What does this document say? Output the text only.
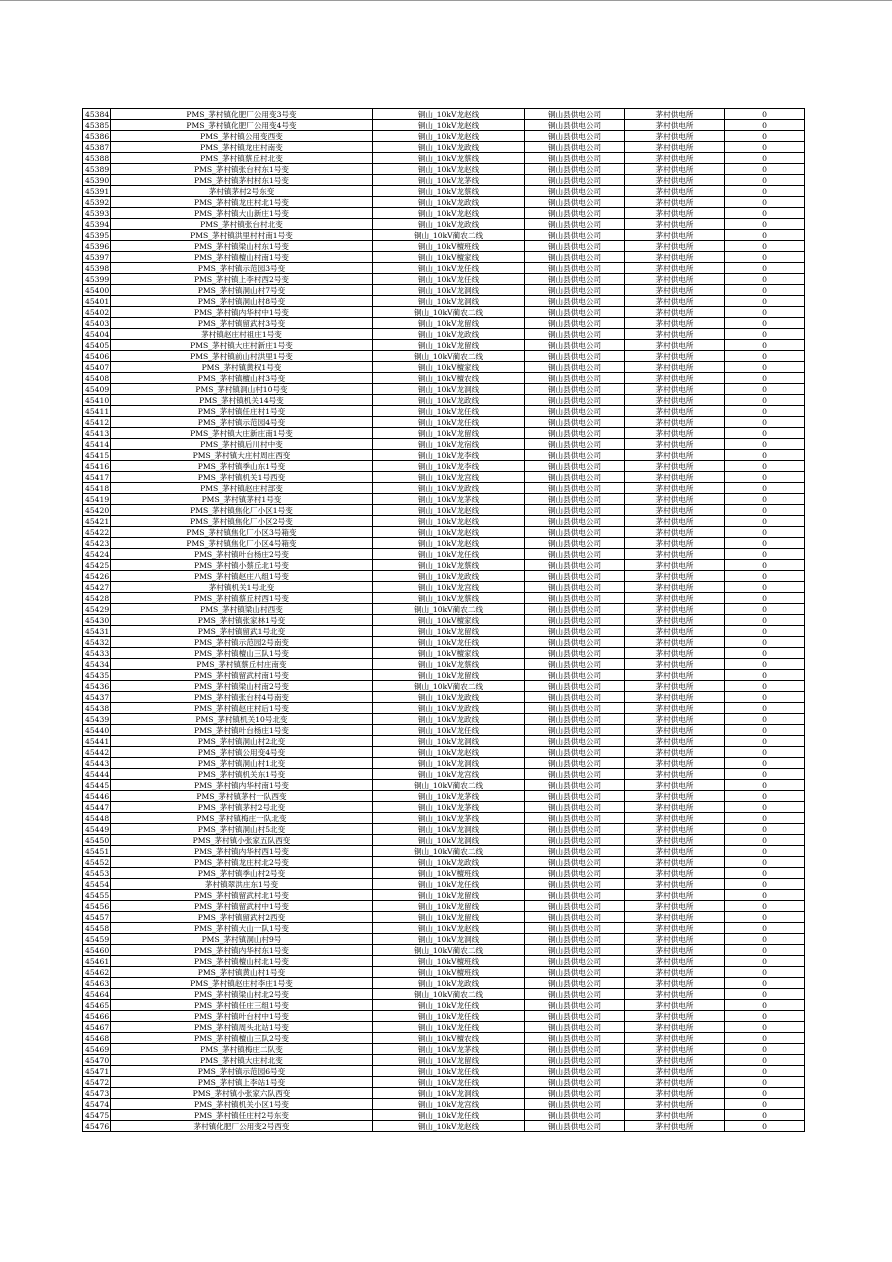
45384	PMS_茅村镇化肥厂公用变3号变	铜山_10kV龙赵线	铜山县供电公司	茅村供电所	0
45385	PMS_茅村镇化肥厂公用变4号变	铜山_10kV龙赵线	铜山县供电公司	茅村供电所	0
45386	PMS_茅村镇公用变西变	铜山_10kV龙赵线	铜山县供电公司	茅村供电所	0
45387	PMS_茅村镇龙庄村南变	铜山_10kV龙政线	铜山县供电公司	茅村供电所	0
45388	PMS_茅村镇蔡丘村北变	铜山_10kV龙蔡线	铜山县供电公司	茅村供电所	0
45389	PMS_茅村镇张台村东1号变	铜山_10kV龙赵线	铜山县供电公司	茅村供电所	0
45390	PMS_茅村镇茅村村东1号变	铜山_10kV龙茅线	铜山县供电公司	茅村供电所	0
45391	茅村镇茅村2号东变	铜山_10kV龙蔡线	铜山县供电公司	茅村供电所	0
45392	PMS_茅村镇龙庄村北1号变	铜山_10kV龙政线	铜山县供电公司	茅村供电所	0
45393	PMS_茅村镇大山新庄1号变	铜山_10kV龙赵线	铜山县供电公司	茅村供电所	0
45394	PMS_茅村镇张台村北变	铜山_10kV龙政线	铜山县供电公司	茅村供电所	0
45395	PMS_茅村镇洪里村村南1号变	铜山_10kV蔺农二线	铜山县供电公司	茅村供电所	0
45396	PMS_茅村镇梁山村东1号变	铜山_10kV檀班线	铜山县供电公司	茅村供电所	0
45397	PMS_茅村镇檀山村南1号变	铜山_10kV檀家线	铜山县供电公司	茅村供电所	0
45398	PMS_茅村镇示范园3号变	铜山_10kV龙任线	铜山县供电公司	茅村供电所	0
45399	PMS_茅村镇上李村西2号变	铜山_10kV龙任线	铜山县供电公司	茅村供电所	0
45400	PMS_茅村镇洞山村7号变	铜山_10kV龙洞线	铜山县供电公司	茅村供电所	0
45401	PMS_茅村镇洞山村8号变	铜山_10kV龙洞线	铜山县供电公司	茅村供电所	0
45402	PMS_茅村镇内华村中1号变	铜山_10kV蔺农二线	铜山县供电公司	茅村供电所	0
45403	PMS_茅村镇留武村3号变	铜山_10kV龙留线	铜山县供电公司	茅村供电所	0
45404	茅村镇赵庄村祖庄1号变	铜山_10kV龙政线	铜山县供电公司	茅村供电所	0
45405	PMS_茅村镇大庄村新庄1号变	铜山_10kV龙留线	铜山县供电公司	茅村供电所	0
45406	PMS_茅村镇前山村洪里1号变	铜山_10kV蔺农二线	铜山县供电公司	茅村供电所	0
45407	PMS_茅村镇黄权1号变	铜山_10kV檀家线	铜山县供电公司	茅村供电所	0
45408	PMS_茅村镇檀山村3号变	铜山_10kV檀农线	铜山县供电公司	茅村供电所	0
45409	PMS_茅村镇洞山村10号变	铜山_10kV龙洞线	铜山县供电公司	茅村供电所	0
45410	PMS_茅村镇机关14号变	铜山_10kV龙政线	铜山县供电公司	茅村供电所	0
45411	PMS_茅村镇任庄村1号变	铜山_10kV龙任线	铜山县供电公司	茅村供电所	0
45412	PMS_茅村镇示范园4号变	铜山_10kV龙任线	铜山县供电公司	茅村供电所	0
45413	PMS_茅村镇大庄新庄南1号变	铜山_10kV龙留线	铜山县供电公司	茅村供电所	0
45414	PMS_茅村镇后川村中变	铜山_10kV龙宿线	铜山县供电公司	茅村供电所	0
45415	PMS_茅村镇大庄村周庄西变	铜山_10kV龙李线	铜山县供电公司	茅村供电所	0
45416	PMS_茅村镇季山东1号变	铜山_10kV龙李线	铜山县供电公司	茅村供电所	0
45417	PMS_茅村镇机关1号西变	铜山_10kV龙宫线	铜山县供电公司	茅村供电所	0
45418	PMS_茅村镇赵庄村部变	铜山_10kV龙政线	铜山县供电公司	茅村供电所	0
45419	PMS_茅村镇茅村1号变	铜山_10kV龙茅线	铜山县供电公司	茅村供电所	0
45420	PMS_茅村镇焦化厂小区1号变	铜山_10kV龙赵线	铜山县供电公司	茅村供电所	0
45421	PMS_茅村镇焦化厂小区2号变	铜山_10kV龙赵线	铜山县供电公司	茅村供电所	0
45422	PMS_茅村镇焦化厂小区3号箱变	铜山_10kV龙赵线	铜山县供电公司	茅村供电所	0
45423	PMS_茅村镇焦化厂小区4号箱变	铜山_10kV龙赵线	铜山县供电公司	茅村供电所	0
45424	PMS_茅村镇叶台杨庄2号变	铜山_10kV龙任线	铜山县供电公司	茅村供电所	0
45425	PMS_茅村镇小蔡丘北1号变	铜山_10kV龙蔡线	铜山县供电公司	茅村供电所	0
45426	PMS_茅村镇赵庄八组1号变	铜山_10kV龙政线	铜山县供电公司	茅村供电所	0
45427	茅村镇机关1号北变	铜山_10kV龙宫线	铜山县供电公司	茅村供电所	0
45428	PMS_茅村镇蔡丘村西1号变	铜山_10kV龙蔡线	铜山县供电公司	茅村供电所	0
45429	PMS_茅村镇梁山村西变	铜山_10kV蔺农二线	铜山县供电公司	茅村供电所	0
45430	PMS_茅村镇张家林1号变	铜山_10kV檀家线	铜山县供电公司	茅村供电所	0
45431	PMS_茅村镇留武1号北变	铜山_10kV龙留线	铜山县供电公司	茅村供电所	0
45432	PMS_茅村镇示范园2号南变	铜山_10kV龙任线	铜山县供电公司	茅村供电所	0
45433	PMS_茅村镇檀山三队1号变	铜山_10kV檀家线	铜山县供电公司	茅村供电所	0
45434	PMS_茅村镇蔡丘村庄南变	铜山_10kV龙蔡线	铜山县供电公司	茅村供电所	0
45435	PMS_茅村镇留武村南1号变	铜山_10kV龙留线	铜山县供电公司	茅村供电所	0
45436	PMS_茅村镇梁山村南2号变	铜山_10kV蔺农二线	铜山县供电公司	茅村供电所	0
45437	PMS_茅村镇张台村4号南变	铜山_10kV龙政线	铜山县供电公司	茅村供电所	0
45438	PMS_茅村镇赵庄村后1号变	铜山_10kV龙政线	铜山县供电公司	茅村供电所	0
45439	PMS_茅村镇机关10号北变	铜山_10kV龙政线	铜山县供电公司	茅村供电所	0
45440	PMS_茅村镇叶台杨庄1号变	铜山_10kV龙任线	铜山县供电公司	茅村供电所	0
45441	PMS_茅村镇洞山村2北变	铜山_10kV龙洞线	铜山县供电公司	茅村供电所	0
45442	PMS_茅村镇公用变4号变	铜山_10kV龙赵线	铜山县供电公司	茅村供电所	0
45443	PMS_茅村镇洞山村1北变	铜山_10kV龙洞线	铜山县供电公司	茅村供电所	0
45444	PMS_茅村镇机关东1号变	铜山_10kV龙宫线	铜山县供电公司	茅村供电所	0
45445	PMS_茅村镇内华村南1号变	铜山_10kV蔺农二线	铜山县供电公司	茅村供电所	0
45446	PMS_茅村镇茅村一队西变	铜山_10kV龙茅线	铜山县供电公司	茅村供电所	0
45447	PMS_茅村镇茅村2号北变	铜山_10kV龙茅线	铜山县供电公司	茅村供电所	0
45448	PMS_茅村镇梅庄一队北变	铜山_10kV龙茅线	铜山县供电公司	茅村供电所	0
45449	PMS_茅村镇洞山村5北变	铜山_10kV龙洞线	铜山县供电公司	茅村供电所	0
45450	PMS_茅村镇小张家五队西变	铜山_10kV龙洞线	铜山县供电公司	茅村供电所	0
45451	PMS_茅村镇内华村西1号变	铜山_10kV蔺农二线	铜山县供电公司	茅村供电所	0
45452	PMS_茅村镇龙庄村北2号变	铜山_10kV龙政线	铜山县供电公司	茅村供电所	0
45453	PMS_茅村镇季山村2号变	铜山_10kV檀班线	铜山县供电公司	茅村供电所	0
45454	茅村镇翠洪庄东1号变	铜山_10kV龙任线	铜山县供电公司	茅村供电所	0
45455	PMS_茅村镇留武村北1号变	铜山_10kV龙留线	铜山县供电公司	茅村供电所	0
45456	PMS_茅村镇留武村中1号变	铜山_10kV龙留线	铜山县供电公司	茅村供电所	0
45457	PMS_茅村镇留武村2西变	铜山_10kV龙留线	铜山县供电公司	茅村供电所	0
45458	PMS_茅村镇大山一队1号变	铜山_10kV龙赵线	铜山县供电公司	茅村供电所	0
45459	PMS_茅村镇洞山村9号	铜山_10kV龙洞线	铜山县供电公司	茅村供电所	0
45460	PMS_茅村镇内华村东1号变	铜山_10kV蔺农二线	铜山县供电公司	茅村供电所	0
45461	PMS_茅村镇檀山村北1号变	铜山_10kV檀班线	铜山县供电公司	茅村供电所	0
45462	PMS_茅村镇黄山村1号变	铜山_10kV檀班线	铜山县供电公司	茅村供电所	0
45463	PMS_茅村镇赵庄村李庄1号变	铜山_10kV龙政线	铜山县供电公司	茅村供电所	0
45464	PMS_茅村镇梁山村北2号变	铜山_10kV蔺农二线	铜山县供电公司	茅村供电所	0
45465	PMS_茅村镇任庄三组1号变	铜山_10kV龙任线	铜山县供电公司	茅村供电所	0
45466	PMS_茅村镇叶台村中1号变	铜山_10kV龙任线	铜山县供电公司	茅村供电所	0
45467	PMS_茅村镇周头北站1号变	铜山_10kV龙任线	铜山县供电公司	茅村供电所	0
45468	PMS_茅村镇檀山三队2号变	铜山_10kV檀农线	铜山县供电公司	茅村供电所	0
45469	PMS_茅村镇梅庄二队变	铜山_10kV龙茅线	铜山县供电公司	茅村供电所	0
45470	PMS_茅村镇大庄村北变	铜山_10kV龙留线	铜山县供电公司	茅村供电所	0
45471	PMS_茅村镇示范园6号变	铜山_10kV龙任线	铜山县供电公司	茅村供电所	0
45472	PMS_茅村镇上李站1号变	铜山_10kV龙任线	铜山县供电公司	茅村供电所	0
45473	PMS_茅村镇小张家六队西变	铜山_10kV龙洞线	铜山县供电公司	茅村供电所	0
45474	PMS_茅村镇机关小区1号变	铜山_10kV龙宫线	铜山县供电公司	茅村供电所	0
45475	PMS_茅村镇任庄村2号东变	铜山_10kV龙任线	铜山县供电公司	茅村供电所	0
45476	茅村镇化肥厂公用变2号西变	铜山_10kV龙赵线	铜山县供电公司	茅村供电所	0
